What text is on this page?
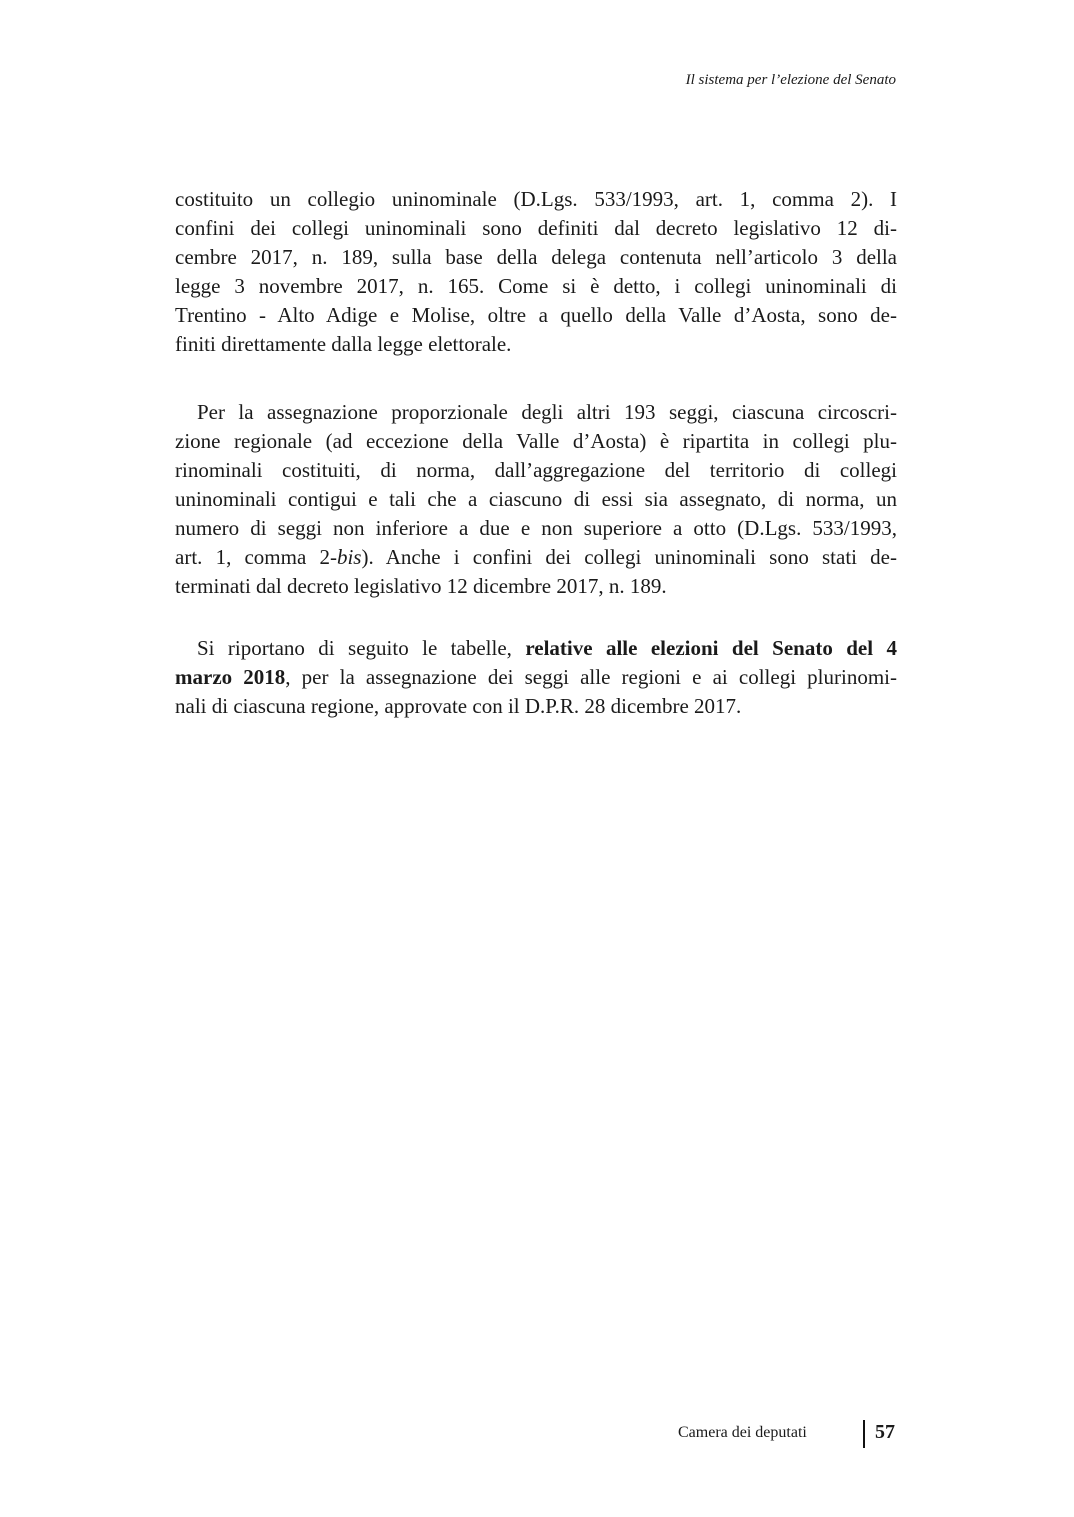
Il sistema per l’elezione del Senato
costituito un collegio uninominale (D.Lgs. 533/1993, art. 1, comma 2). I
confini dei collegi uninominali sono definiti dal decreto legislativo 12 di-
cembre 2017, n. 189, sulla base della delega contenuta nell’articolo 3 della
legge 3 novembre 2017, n. 165. Come si è detto, i collegi uninominali di
Trentino - Alto Adige e Molise, oltre a quello della Valle d’Aosta, sono de-
finiti direttamente dalla legge elettorale.
Per la assegnazione proporzionale degli altri 193 seggi, ciascuna circoscri-
zione regionale (ad eccezione della Valle d’Aosta) è ripartita in collegi plu-
rinominali costituiti, di norma, dall’aggregazione del territorio di collegi
uninominali contigui e tali che a ciascuno di essi sia assegnato, di norma, un
numero di seggi non inferiore a due e non superiore a otto (D.Lgs. 533/1993,
art. 1, comma 2-bis). Anche i confini dei collegi uninominali sono stati de-
terminati dal decreto legislativo 12 dicembre 2017, n. 189.
Si riportano di seguito le tabelle, relative alle elezioni del Senato del 4
marzo 2018, per la assegnazione dei seggi alle regioni e ai collegi plurinomi-
nali di ciascuna regione, approvate con il D.P.R. 28 dicembre 2017.
Camera dei deputati	57
